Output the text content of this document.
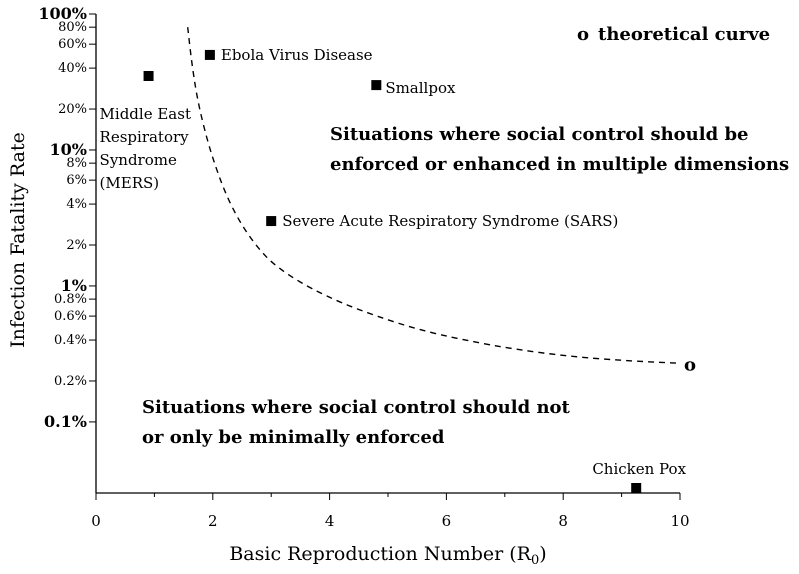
100%
80%
60%
40%
20%
10%
8%
6%
4%
2%
1%
0.8%
0.6%
0.4%
0.2%
0.1%
0	2	4	6	8	10
o
Middle East Respiratory Syndrome (MERS)
Ebola Virus Disease
Smallpox
Severe Acute Respiratory Syndrome (SARS)
Chicken Pox
Situations where social control should be enforced or enhanced in multiple dimensions
Situations where social control should not or only be minimally enforced
o theoretical curve
Basic Reproduction Number $(R_0)$
Infection Fatality Rate
